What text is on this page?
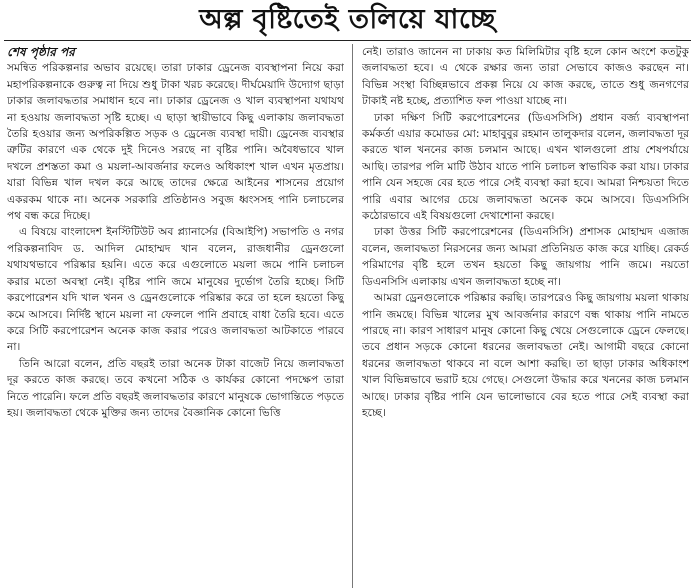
অল্প বৃষ্টিতেই তলিয়ে যাচ্ছে
শেষ পৃষ্ঠার পর

সমন্বিত পরিকল্পনার অভাব রয়েছে। তারা ঢাকার ড্রেনেজ ব্যবস্থাপনা নিয়ে করা মহাপরিকল্পনাকে গুরুত্ব না দিয়ে শুধু টাকা খরচ করেছে। দীর্ঘমেয়াদি উদ্যোগ ছাড়া ঢাকার জলাবদ্ধতার সমাধান হবে না। ঢাকার ড্রেনেজ ও খাল ব্যবস্থাপনা যথাযথ না হওয়ায় জলাবদ্ধতা সৃষ্টি হচ্ছে। এ ছাড়া স্থায়ীভাবে কিছু এলাকায় জলাবদ্ধতা তৈরি হওয়ার জন্য অপরিকল্পিত সড়ক ও ড্রেনেজ ব্যবস্থা দায়ী। ড্রেনেজ ব্যবস্থার ত্রুটির কারণে এক থেকে দুই দিনেও সরছে না বৃষ্টির পানি। অবৈধভাবে খাল দখলে প্রশস্ততা কমা ও ময়লা-আবর্জনার ফলেও অধিকাংশ খাল এখন মৃতপ্রায়। যারা বিভিন্ন খাল দখল করে আছে তাদের ক্ষেত্রে আইনের শাসনের প্রয়োগ একরকম থাকে না। অনেক সরকারি প্রতিষ্ঠানও সবুজ ধ্বংসসহ পানি চলাচলের পথ বন্ধ করে দিচ্ছে।

এ বিষয়ে বাংলাদেশ ইনস্টিটিউট অব প্ল্যানার্সের (বিআইপি) সভাপতি ও নগর পরিকল্পনাবিদ ড. আদিল মোহাম্মদ খান বলেন, রাজধানীর ড্রেনগুলো যথাযথভাবে পরিষ্কার হয়নি। এতে করে এগুলোতে ময়লা জমে পানি চলাচল করার মতো অবস্থা নেই। বৃষ্টির পানি জমে মানুষের দুর্ভোগ তৈরি হচ্ছে। সিটি করপোরেশন যদি খাল খনন ও ড্রেনগুলোকে পরিষ্কার করে তা হলে হয়তো কিছু কমে আসবে। নির্দিষ্ট স্থানে ময়লা না ফেললে পানি প্রবাহে বাধা তৈরি হবে। এতে করে সিটি করপোরেশন অনেক কাজ করার পরেও জলাবদ্ধতা আটকাতে পারবে না।

তিনি আরো বলেন, প্রতি বছরই তারা অনেক টাকা বাজেট নিয়ে জলাবদ্ধতা দূর করতে কাজ করছে। তবে কখনো সঠিক ও কার্যকর কোনো পদক্ষেপ তারা নিতে পারেনি। ফলে প্রতি বছরই জলাবদ্ধতার কারণে মানুষকে ভোগান্তিতে পড়তে হয়। জলাবদ্ধতা থেকে মুক্তির জন্য তাদের বৈজ্ঞানিক কোনো ভিত্তি

নেই। তারাও জানেন না ঢাকায় কত মিলিমিটার বৃষ্টি হলে কোন অংশে কতটুকু জলাবদ্ধতা হবে। এ থেকে রক্ষার জন্য তারা সেভাবে কাজও করছেন না। বিভিন্ন সংস্থা বিচ্ছিন্নভাবে প্রকল্প নিয়ে যে কাজ করছে, তাতে শুধু জনগণের টাকাই নষ্ট হচ্ছে, প্রত্যাশিত ফল পাওয়া যাচ্ছে না।

ঢাকা দক্ষিণ সিটি করপোরেশনের (ডিএসসিসি) প্রধান বর্জ্য ব্যবস্থাপনা কর্মকর্তা এয়ার কমোডর মো: মাহাবুবুর রহমান তালুকদার বলেন, জলাবদ্ধতা দূর করতে খাল খননের কাজ চলমান আছে। এখন খালগুলো প্রায় শেষপর্যায়ে আছি। তারপর পলি মাটি উঠাব যাতে পানি চলাচল স্বাভাবিক করা যায়। ঢাকার পানি যেন সহজে বের হতে পারে সেই ব্যবস্থা করা হবে। আমরা নিশ্চয়তা দিতে পারি এবার আগের চেয়ে জলাবদ্ধতা অনেক কমে আসবে। ডিএসসিসি কঠোরভাবে এই বিষয়গুলো দেখাশোনা করছে।

ঢাকা উত্তর সিটি করপোরেশনের (ডিএনসিসি) প্রশাসক মোহাম্মদ এজাজ বলেন, জলাবদ্ধতা নিরসনের জন্য আমরা প্রতিনিয়ত কাজ করে যাচ্ছি। রেকর্ড পরিমাণের বৃষ্টি হলে তখন হয়তো কিছু জায়গায় পানি জমে। নয়তো ডিএনসিসি এলাকায় এখন জলাবদ্ধতা হচ্ছে না।

আমরা ড্রেনগুলোকে পরিষ্কার করছি। তারপরেও কিছু জায়গায় ময়লা থাকায় পানি জমছে। বিভিন্ন খালের মুখ আবর্জনার কারণে বন্ধ থাকায় পানি নামতে পারছে না। কারণ সাধারণ মানুষ কোনো কিছু খেয়ে সেগুলোকে ড্রেনে ফেলছে। তবে প্রধান সড়কে কোনো ধরনের জলাবদ্ধতা নেই। আগামী বছরে কোনো ধরনের জলাবদ্ধতা থাকবে না বলে আশা করছি। তা ছাড়া ঢাকার অধিকাংশ খাল বিভিন্নভাবে ভরাট হয়ে গেছে। সেগুলো উদ্ধার করে খননের কাজ চলমান আছে। ঢাকার বৃষ্টির পানি যেন ভালোভাবে বের হতে পারে সেই ব্যবস্থা করা হচ্ছে।
